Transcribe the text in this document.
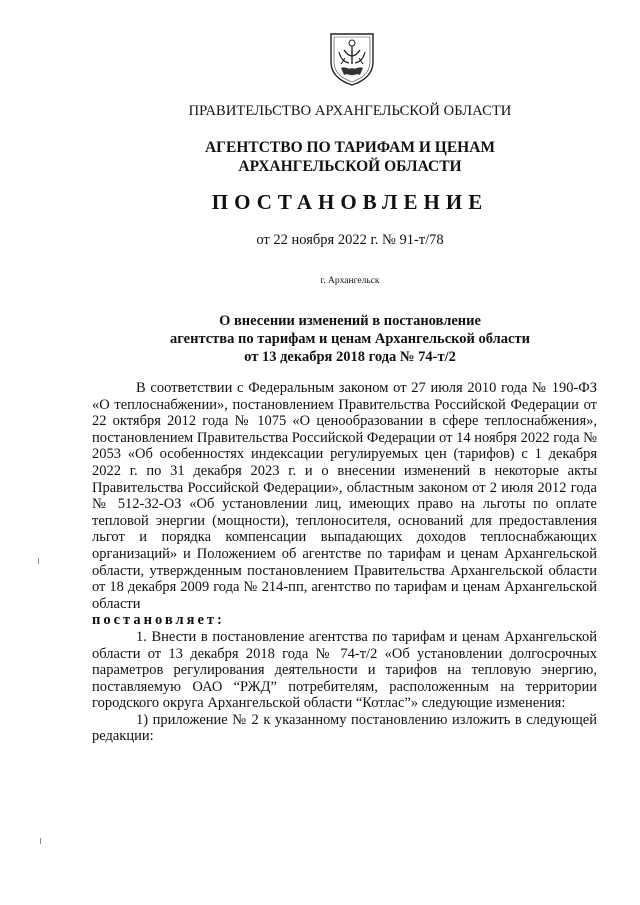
ПРАВИТЕЛЬСТВО АРХАНГЕЛЬСКОЙ ОБЛАСТИ
АГЕНТСТВО ПО ТАРИФАМ И ЦЕНАМ
АРХАНГЕЛЬСКОЙ ОБЛАСТИ
ПОСТАНОВЛЕНИЕ
от 22 ноября 2022 г. № 91-т/78
г. Архангельск
О внесении изменений в постановление
агентства по тарифам и ценам Архангельской области
от 13 декабря 2018 года № 74-т/2

В соответствии с Федеральным законом от 27 июля 2010 года № 190-ФЗ «О теплоснабжении», постановлением Правительства Российской Федерации от 22 октября 2012 года № 1075 «О ценообразовании в сфере теплоснабжения», постановлением Правительства Российской Федерации от 14 ноября 2022 года № 2053 «Об особенностях индексации регулируемых цен (тарифов) с 1 декабря 2022 г. по 31 декабря 2023 г. и о внесении изменений в некоторые акты Правительства Российской Федерации», областным законом от 2 июля 2012 года № 512-32-ОЗ «Об установлении лиц, имеющих право на льготы по оплате тепловой энергии (мощности), теплоносителя, оснований для предоставления льгот и порядка компенсации выпадающих доходов теплоснабжающих организаций» и Положением об агентстве по тарифам и ценам Архангельской области, утвержденным постановлением Правительства Архангельской области от 18 декабря 2009 года № 214-пп, агентство по тарифам и ценам Архангельской области

постановляет:

1. Внести в постановление агентства по тарифам и ценам Архангельской области от 13 декабря 2018 года № 74-т/2 «Об установлении долгосрочных параметров регулирования деятельности и тарифов на тепловую энергию, поставляемую ОАО “РЖД” потребителям, расположенным на территории городского округа Архангельской области “Котлас”» следующие изменения:

1) приложение № 2 к указанному постановлению изложить в следующей редакции:
